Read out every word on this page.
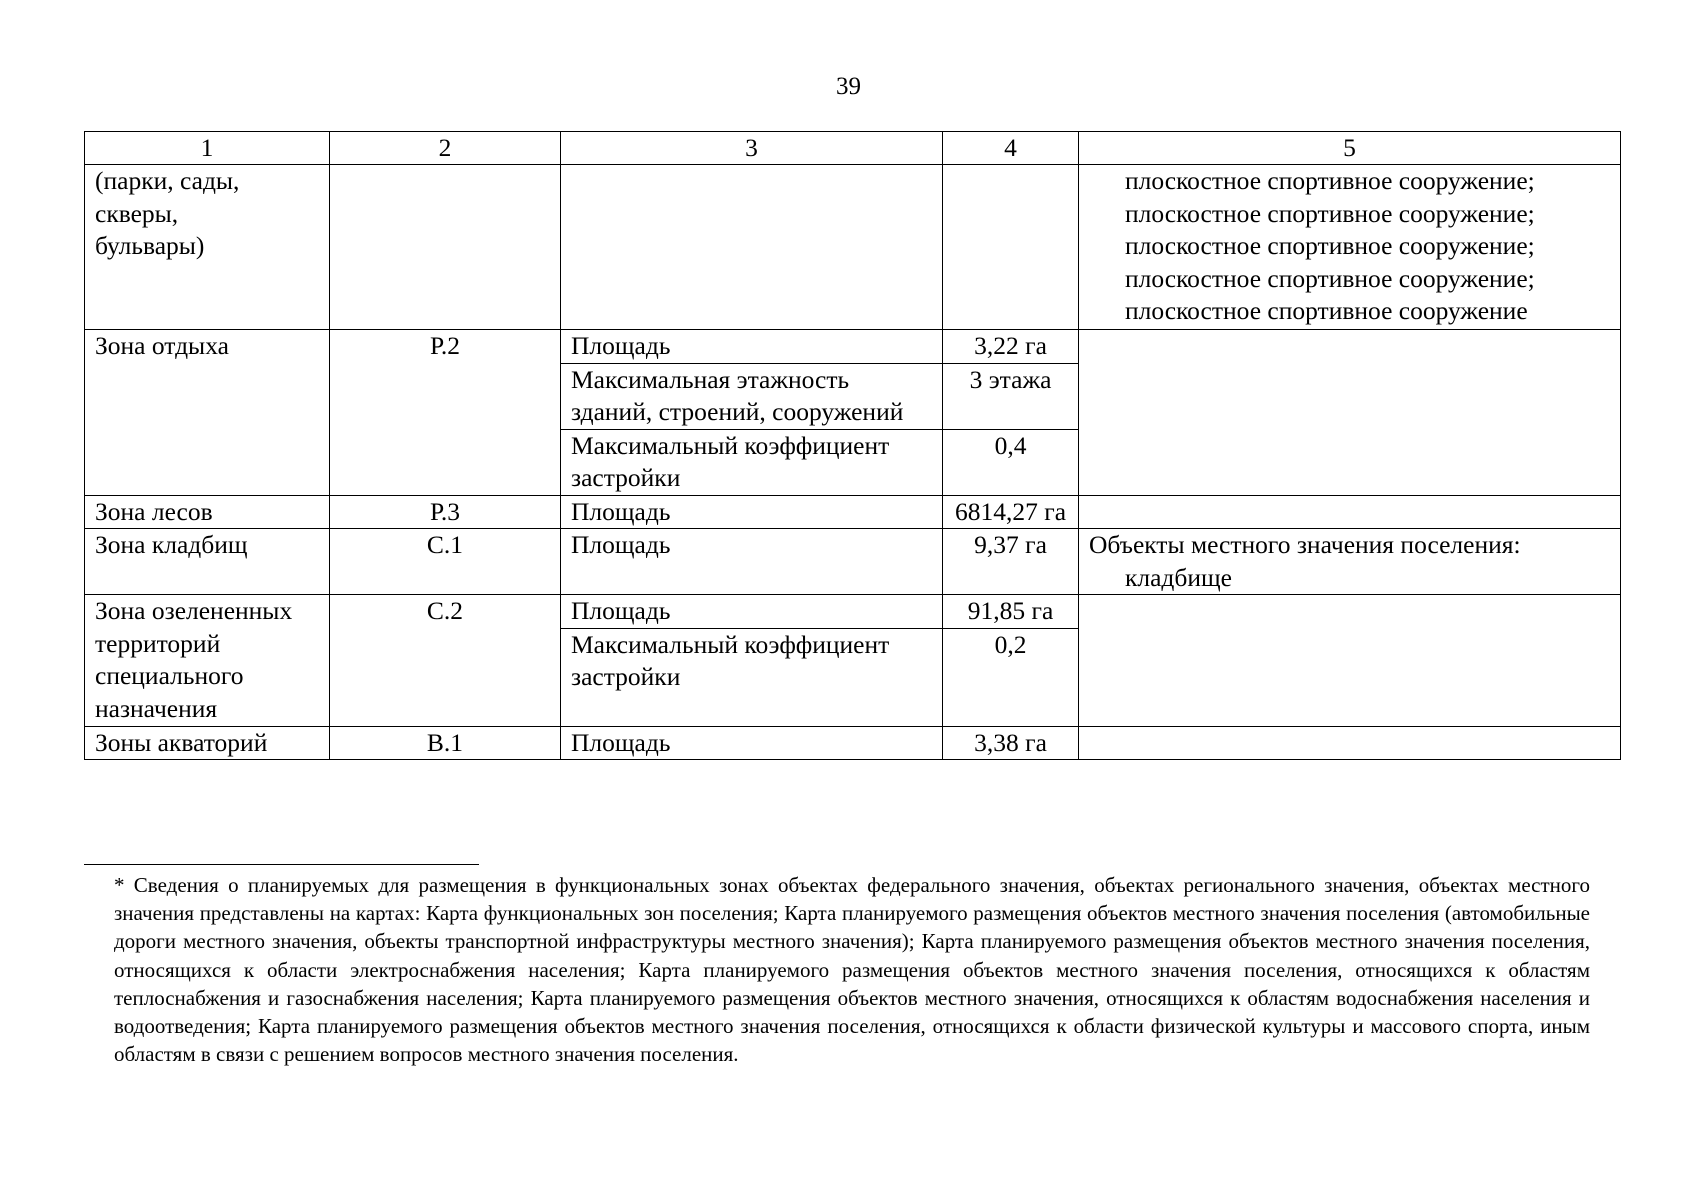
39
1	2	3	4	5

(парки, сады,
скверы,
бульвары)				плоскостное спортивное сооружение;
плоскостное спортивное сооружение;
плоскостное спортивное сооружение;
плоскостное спортивное сооружение;
плоскостное спортивное сооружение

Зона отдыха	Р.2	Площадь	3,22 га	
		Максимальная этажность зданий, строений, сооружений	3 этажа	
		Максимальный коэффициент застройки	0,4	
Зона лесов	Р.3	Площадь	6814,27 га	
Зона кладбищ	С.1	Площадь	9,37 га	Объекты местного значения поселения:
кладбище

Зона озелененных территорий специального назначения	С.2	Площадь	91,85 га	
		Максимальный коэффициент застройки	0,2	
Зоны акваторий	В.1	Площадь	3,38 га	
* Сведения о планируемых для размещения в функциональных зонах объектах федерального значения, объектах регионального значения, объектах местного значения представлены на картах: Карта функциональных зон поселения; Карта планируемого размещения объектов местного значения поселения (автомобильные дороги местного значения, объекты транспортной инфраструктуры местного значения); Карта планируемого размещения объектов местного значения поселения, относящихся к области электроснабжения населения; Карта планируемого размещения объектов местного значения поселения, относящихся к областям теплоснабжения и газоснабжения населения; Карта планируемого размещения объектов местного значения, относящихся к областям водоснабжения населения и водоотведения; Карта планируемого размещения объектов местного значения поселения, относящихся к области физической культуры и массового спорта, иным областям в связи с решением вопросов местного значения поселения.
